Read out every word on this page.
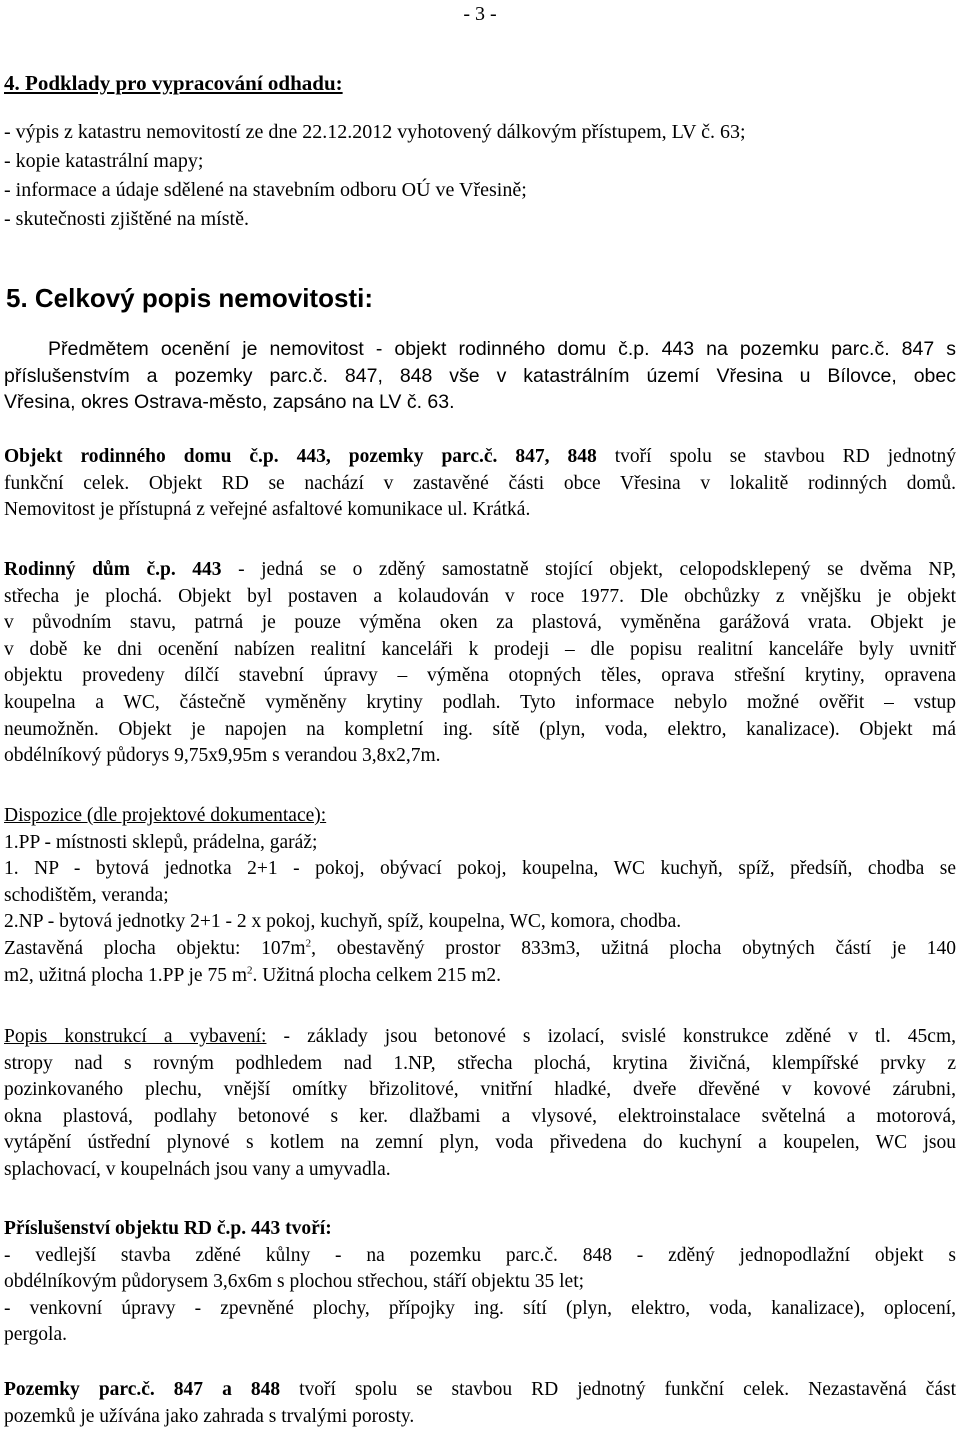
- 3 -
4. Podklady pro vypracování odhadu:
- výpis z katastru nemovitostí ze dne 22.12.2012 vyhotovený dálkovým přístupem, LV č. 63;
- kopie katastrální mapy;
- informace a údaje sdělené na stavebním odboru OÚ ve Vřesině;
- skutečnosti zjištěné na místě.
5. Celkový popis nemovitosti:
Předmětem ocenění je nemovitost - objekt rodinného domu č.p. 443 na pozemku parc.č. 847 s
příslušenstvím a pozemky parc.č. 847, 848 vše v katastrálním území Vřesina u Bílovce, obec
Vřesina, okres Ostrava-město, zapsáno na LV č. 63.
Objekt rodinného domu č.p. 443, pozemky parc.č. 847, 848 tvoří spolu se stavbou RD jednotný
funkční celek. Objekt RD se nachází v zastavěné části obce Vřesina v lokalitě rodinných domů.
Nemovitost je přístupná z veřejné asfaltové komunikace ul. Krátká.
Rodinný dům č.p. 443 - jedná se o zděný samostatně stojící objekt, celopodsklepený se dvěma NP,
střecha je plochá. Objekt byl postaven a kolaudován v roce 1977. Dle obchůzky z vnějšku je objekt
v původním stavu, patrná je pouze výměna oken za plastová, vyměněna garážová vrata. Objekt je
v době ke dni ocenění nabízen realitní kanceláři k prodeji – dle popisu realitní kanceláře byly uvnitř
objektu provedeny dílčí stavební úpravy – výměna otopných těles, oprava střešní krytiny, opravena
koupelna a WC, částečně vyměněny krytiny podlah. Tyto informace nebylo možné ověřit – vstup
neumožněn. Objekt je napojen na kompletní ing. sítě (plyn, voda, elektro, kanalizace). Objekt má
obdélníkový půdorys 9,75x9,95m s verandou 3,8x2,7m.
Dispozice (dle projektové dokumentace):
1.PP - místnosti sklepů, prádelna, garáž;
1. NP - bytová jednotka 2+1 - pokoj, obývací pokoj, koupelna, WC kuchyň, spíž, předsíň, chodba se
schodištěm, veranda;
2.NP - bytová jednotky 2+1 - 2 x pokoj, kuchyň, spíž, koupelna, WC, komora, chodba.
Zastavěná plocha objektu: $107m^2$, obestavěný prostor 833m3, užitná plocha obytných částí je 140
m2, užitná plocha 1.PP je 75 $m^2$. Užitná plocha celkem 215 m2.
Popis konstrukcí a vybavení: - základy jsou betonové s izolací, svislé konstrukce zděné v tl. 45cm,
stropy nad s rovným podhledem nad 1.NP, střecha plochá, krytina živičná, klempířské prvky z
pozinkovaného plechu, vnější omítky břizolitové, vnitřní hladké, dveře dřevěné v kovové zárubni,
okna plastová, podlahy betonové s ker. dlažbami a vlysové, elektroinstalace světelná a motorová,
vytápění ústřední plynové s kotlem na zemní plyn, voda přivedena do kuchyní a koupelen, WC jsou
splachovací, v koupelnách jsou vany a umyvadla.
Příslušenství objektu RD č.p. 443 tvoří:
- vedlejší stavba zděné kůlny - na pozemku parc.č. 848 - zděný jednopodlažní objekt s
obdélníkovým půdorysem 3,6x6m s plochou střechou, stáří objektu 35 let;
- venkovní úpravy - zpevněné plochy, přípojky ing. sítí (plyn, elektro, voda, kanalizace), oplocení,
pergola.
Pozemky parc.č. 847 a 848 tvoří spolu se stavbou RD jednotný funkční celek. Nezastavěná část
pozemků je užívána jako zahrada s trvalými porosty.
